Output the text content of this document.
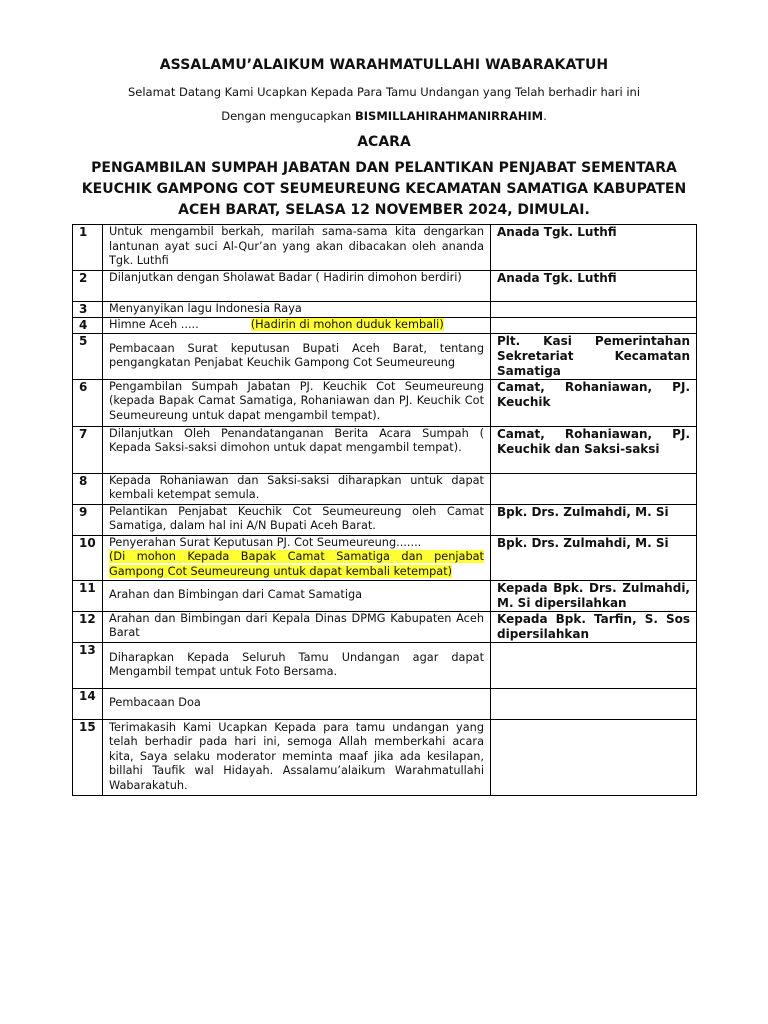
ASSALAMU’ALAIKUM WARAHMATULLAHI WABARAKATUH
Selamat Datang Kami Ucapkan Kepada Para Tamu Undangan yang Telah berhadir hari ini
Dengan mengucapkan BISMILLAHIRAHMANIRRAHIM.
ACARA
PENGAMBILAN SUMPAH JABATAN DAN PELANTIKAN PENJABAT SEMENTARA KEUCHIK GAMPONG COT SEUMEUREUNG KECAMATAN SAMATIGA KABUPATEN ACEH BARAT, SELASA 12 NOVEMBER 2024, DIMULAI.
1	Untuk mengambil berkah, marilah sama-sama kita dengarkan lantunan ayat suci Al-Qur’an yang akan dibacakan oleh ananda Tgk. Luthfi	Anada Tgk. Luthfi
2	Dilanjutkan dengan Sholawat Badar ( Hadirin dimohon berdiri)	Anada Tgk. Luthfi
3	Menyanyikan lagu Indonesia Raya	
4	Himne Aceh ..... (Hadirin di mohon duduk kembali)	
5	Pembacaan Surat keputusan Bupati Aceh Barat, tentang pengangkatan Penjabat Keuchik Gampong Cot Seumeureung	Plt. Kasi Pemerintahan Sekretariat Kecamatan Samatiga
6	Pengambilan Sumpah Jabatan PJ. Keuchik Cot Seumeureung (kepada Bapak Camat Samatiga, Rohaniawan dan PJ. Keuchik Cot Seumeureung untuk dapat mengambil tempat).	Camat, Rohaniawan, PJ. Keuchik
7	Dilanjutkan Oleh Penandatanganan Berita Acara Sumpah ( Kepada Saksi-saksi dimohon untuk dapat mengambil tempat).	Camat, Rohaniawan, PJ. Keuchik dan Saksi-saksi
8	Kepada Rohaniawan dan Saksi-saksi diharapkan untuk dapat kembali ketempat semula.	
9	Pelantikan Penjabat Keuchik Cot Seumeureung oleh Camat Samatiga, dalam hal ini A/N Bupati Aceh Barat.	Bpk. Drs. Zulmahdi, M. Si
10	Penyerahan Surat Keputusan PJ. Cot Seumeureung.......
(Di mohon Kepada Bapak Camat Samatiga dan penjabat Gampong Cot Seumeureung untuk dapat kembali ketempat)	Bpk. Drs. Zulmahdi, M. Si
11	Arahan dan Bimbingan dari Camat Samatiga	Kepada Bpk. Drs. Zulmahdi, M. Si dipersilahkan
12	Arahan dan Bimbingan dari Kepala Dinas DPMG Kabupaten Aceh Barat	Kepada Bpk. Tarfin, S. Sos dipersilahkan
13	Diharapkan Kepada Seluruh Tamu Undangan agar dapat Mengambil tempat untuk Foto Bersama.	
14	Pembacaan Doa	
15	Terimakasih Kami Ucapkan Kepada para tamu undangan yang telah berhadir pada hari ini, semoga Allah memberkahi acara kita, Saya selaku moderator meminta maaf jika ada kesilapan, billahi Taufik wal Hidayah. Assalamu’alaikum Warahmatullahi Wabarakatuh.	
